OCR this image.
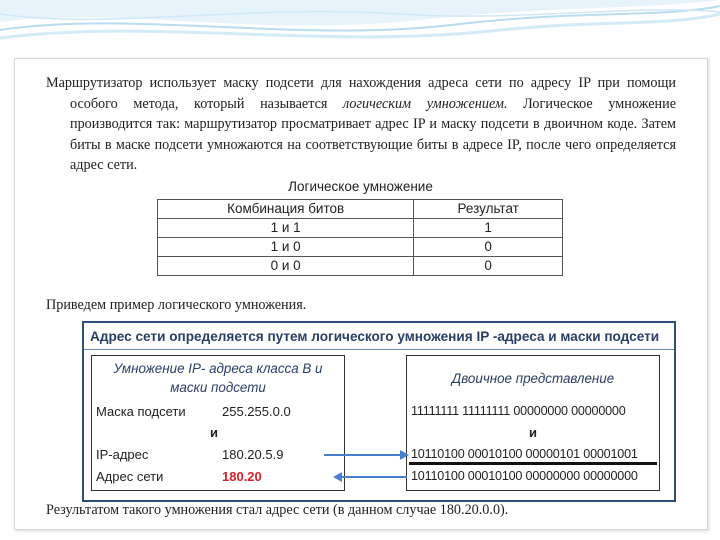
Маршрутизатор использует маску подсети для нахождения адреса сети по адресу IP при помощи особого метода, который называется логическим умножением. Логическое умножение производится так: маршрутизатор просматривает адрес IP и маску подсети в двоичном коде. Затем биты в маске подсети умножаются на соответствующие биты в адресе IP, после чего определяется адрес сети.

Логическое умножение
Комбинация битов	Результат
1 и 1	1
1 и 0	0
0 и 0	0
Приведем пример логического умножения.
Адрес сети определяется путем логического умножения IP -адреса и маски подсети
Умножение IP- адреса класса В и
маски подсети
Маска подсети	255.255.0.0
и
IP-адрес	180.20.5.9
Адрес сети	180.20
Двоичное представление
11111111 11111111 00000000 00000000
и
10110100 00010100 00000101 00001001
10110100 00010100 00000000 00000000
Результатом такого умножения стал адрес сети (в данном случае 180.20.0.0).
